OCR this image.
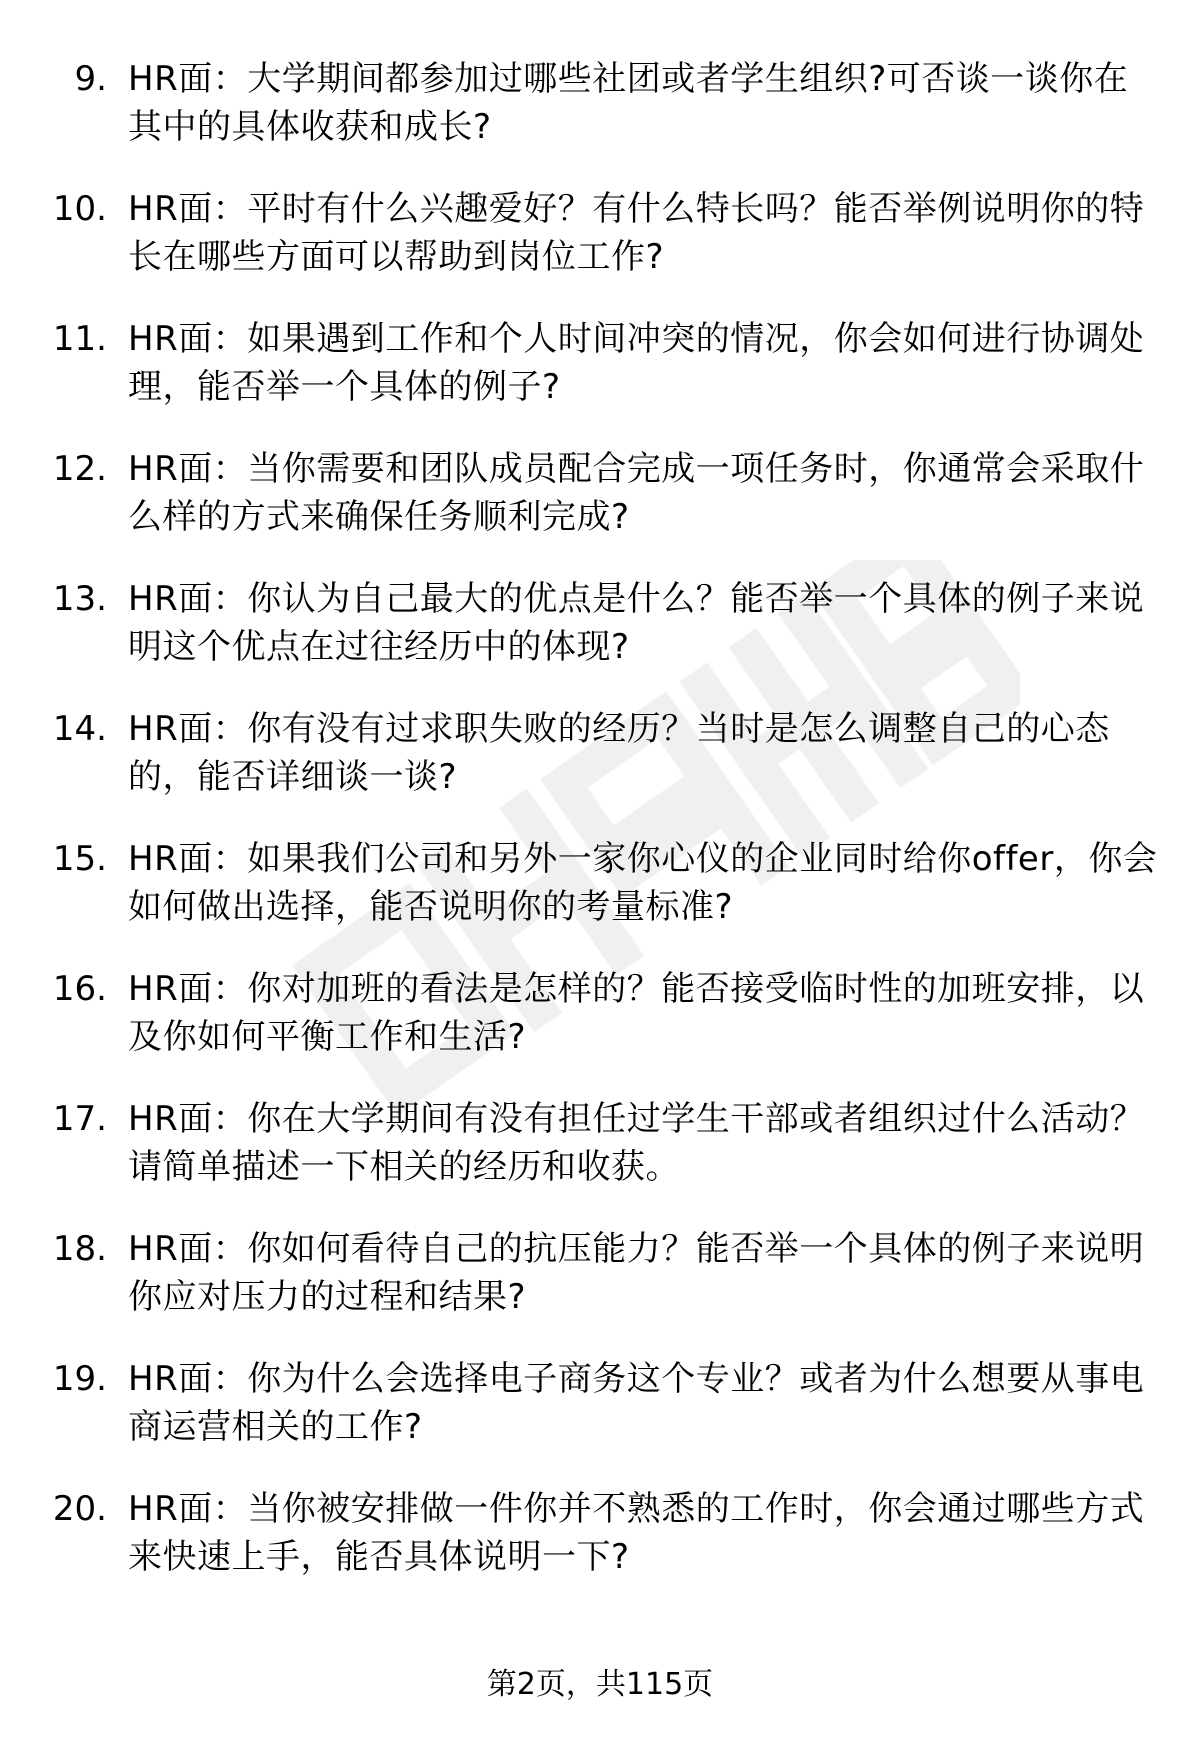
9. HR面：大学期间都参加过哪些社团或者学生组织?可否谈一谈你在其中的具体收获和成长?
10. HR面：平时有什么兴趣爱好？有什么特长吗？能否举例说明你的特长在哪些方面可以帮助到岗位工作?
11. HR面：如果遇到工作和个人时间冲突的情况，你会如何进行协调处理，能否举一个具体的例子?
12. HR面：当你需要和团队成员配合完成一项任务时，你通常会采取什么样的方式来确保任务顺利完成?
13. HR面：你认为自己最大的优点是什么？能否举一个具体的例子来说明这个优点在过往经历中的体现?
14. HR面：你有没有过求职失败的经历？当时是怎么调整自己的心态的，能否详细谈一谈?
15. HR面：如果我们公司和另外一家你心仪的企业同时给你offer，你会如何做出选择，能否说明你的考量标准?
16. HR面：你对加班的看法是怎样的？能否接受临时性的加班安排，以及你如何平衡工作和生活?
17. HR面：你在大学期间有没有担任过学生干部或者组织过什么活动？请简单描述一下相关的经历和收获。
18. HR面：你如何看待自己的抗压能力？能否举一个具体的例子来说明你应对压力的过程和结果?
19. HR面：你为什么会选择电子商务这个专业？或者为什么想要从事电商运营相关的工作?
20. HR面：当你被安排做一件你并不熟悉的工作时，你会通过哪些方式来快速上手，能否具体说明一下?
第2页，共115页
